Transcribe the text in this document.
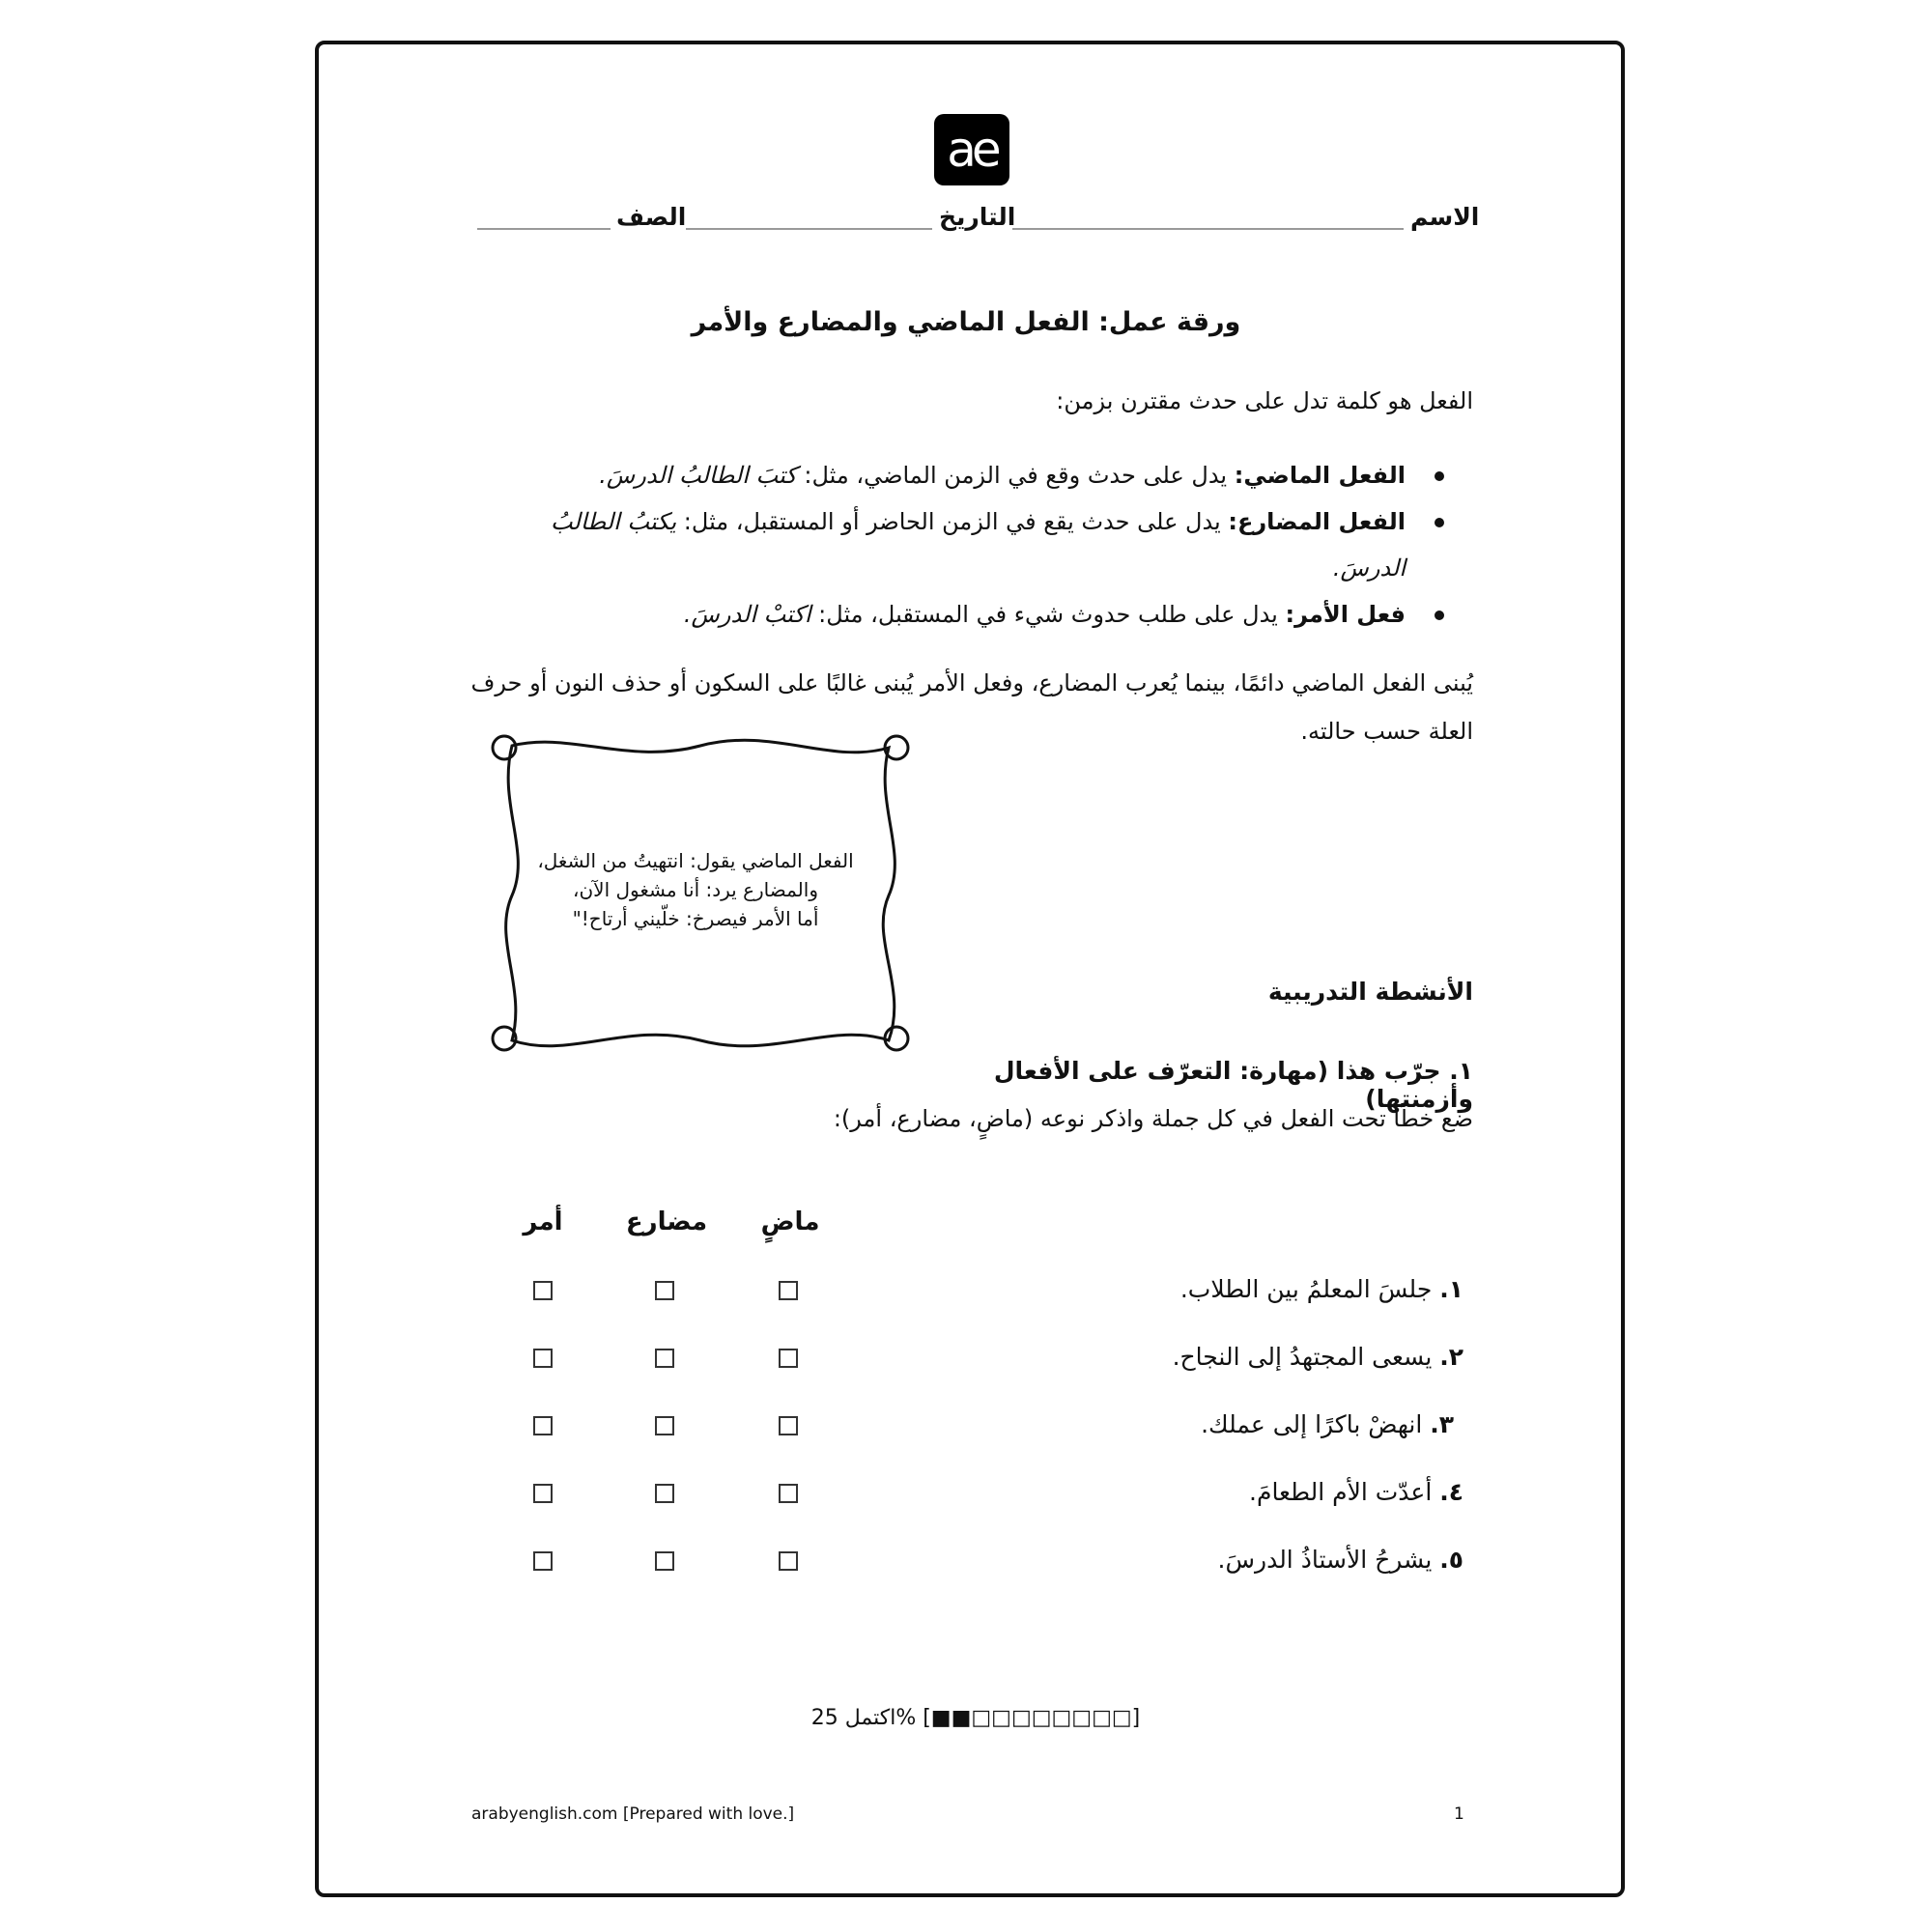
ae
الاسم
التاريخ
الصف
ورقة عمل: الفعل الماضي والمضارع والأمر
الفعل هو كلمة تدل على حدث مقترن بزمن:
الفعل الماضي: يدل على حدث وقع في الزمن الماضي، مثل: كتبَ الطالبُ الدرسَ.
الفعل المضارع: يدل على حدث يقع في الزمن الحاضر أو المستقبل، مثل: يكتبُ الطالبُ الدرسَ.
فعل الأمر: يدل على طلب حدوث شيء في المستقبل، مثل: اكتبْ الدرسَ.
يُبنى الفعل الماضي دائمًا، بينما يُعرب المضارع، وفعل الأمر يُبنى غالبًا على السكون أو حذف النون أو حرف العلة حسب حالته.
الفعل الماضي يقول: انتهيتُ من الشغل،
والمضارع يرد: أنا مشغول الآن،
أما الأمر فيصرخ: خلّيني أرتاح!"
الأنشطة التدريبية
١. جرّب هذا (مهارة: التعرّف على الأفعال وأزمنتها)
ضع خطًا تحت الفعل في كل جملة واذكر نوعه (ماضٍ، مضارع، أمر):
ماضٍ
مضارع
أمر
١. جلسَ المعلمُ بين الطلاب.
٢. يسعى المجتهدُ إلى النجاح.
٣. انهضْ باكرًا إلى عملك.
٤. أعدّت الأم الطعامَ.
٥. يشرحُ الأستاذُ الدرسَ.
اكتمل 25% [■■□□□□□□□□]
arabyenglish.com [Prepared with love.]	1
